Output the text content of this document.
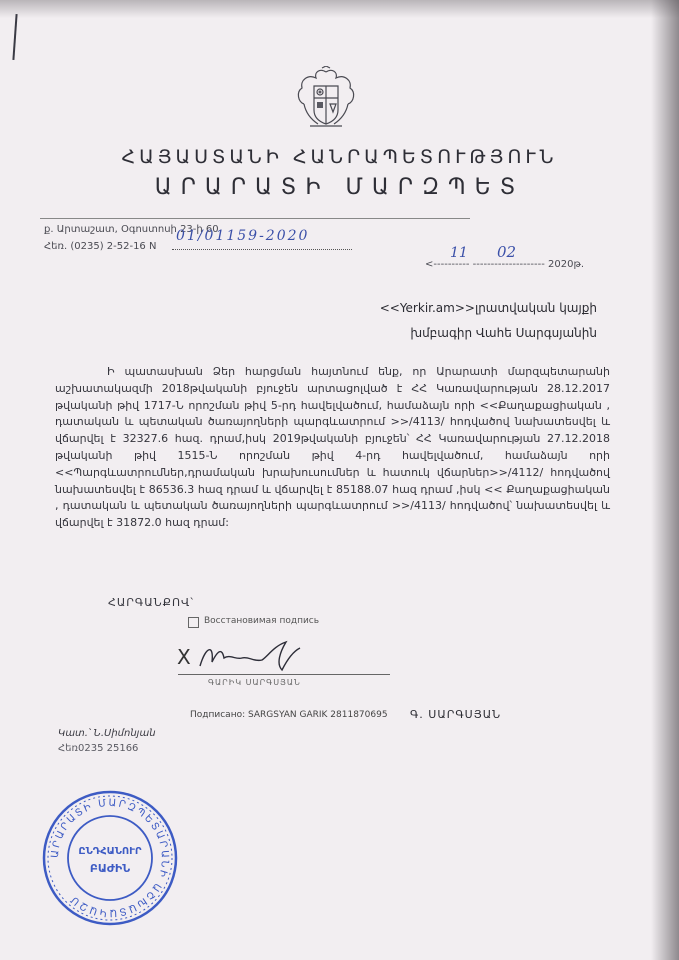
ՀԱՅԱՍՏԱՆԻ ՀԱՆՐԱՊԵՏՈՒԹՅՈՒՆ
ԱՐԱՐԱՏԻ ՄԱՐԶՊԵՏ
ք. Արտաշատ, Օգոստոսի 23-ի 60
Հեռ. (0235) 2-52-16 N
01/01159-2020
11 02
<---------- -------------------- 2020թ.
<<Yerkir.am>>լրատվական կայքի
խմբագիր Վահե Սարգսյանին
Ի պատասխան Ձեր հարցման հայտնում ենք, որ Արարատի մարզպետարանի աշխատակազմի 2018թվականի բյուջեն արտացոլված է ՀՀ Կառավարության 28.12.2017 թվականի թիվ 1717-Ն որոշման թիվ 5-րդ հավելվածում, համաձայն որի <<Քաղաքացիական , դատական և պետական ծառայողների պարգևատրում >>/4113/ հոդվածով նախատեսվել և վճարվել է 32327.6 հազ. դրամ,իսկ 2019թվականի բյուջեն՝ ՀՀ Կառավարության 27.12.2018 թվականի թիվ 1515-Ն որոշման թիվ 4-րդ հավելվածում, համաձայն որի <<Պարգևատրումներ,դրամական խրախուսումներ և հատուկ վճարներ>>/4112/ հոդվածով նախատեսվել է 86536.3 հազ դրամ և վճարվել է 85188.07 հազ դրամ ,իսկ << Քաղաքացիական , դատական և պետական ծառայողների պարգևատրում >>/4113/ հոդվածով՝ նախատեսվել և վճարվել է 31872.0 հազ դրամ:
ՀԱՐԳԱՆՔՈՎ՝
Восстановимая подпись
X
ԳԱՐԻԿ ՍԱՐԳՍՅԱՆ
Подписано: SARGSYAN GARIK 2811870695 Գ. ՍԱՐԳՍՅԱՆ
Կատ.՝ Ն.Սիմոնյան
Հեռ0235 25166
ԱՐԱՐԱՏԻ ՄԱՐԶՊԵՏԱՐԱՆԻ ԱՇԽԱՏԱԿԱԶՄ
ԸՆԴՀԱՆՈՒՐ
ԲԱԺԻՆ
